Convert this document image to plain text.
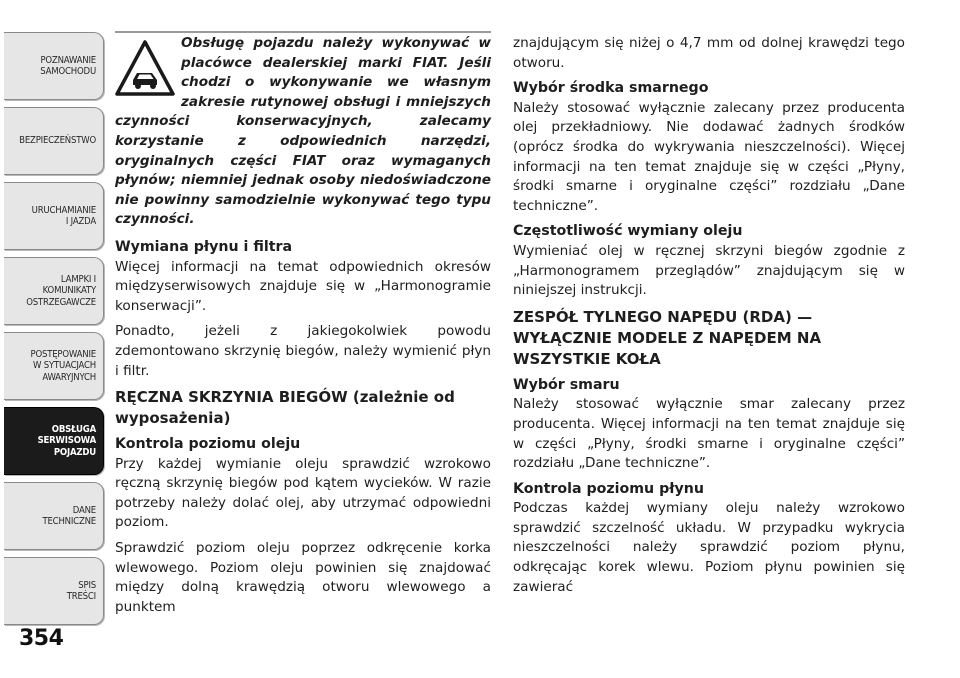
POZNAWANIE
SAMOCHODU
BEZPIECZEŃSTWO
URUCHAMIANIE
I JAZDA
LAMPKI I
KOMUNIKATY
OSTRZEGAWCZE
POSTĘPOWANIE
W SYTUACJACH
AWARYJNYCH
OBSŁUGA
SERWISOWA
POJAZDU
DANE
TECHNICZNE
SPIS
TREŚCI
354

Obsługę pojazdu należy wykonywać w placówce dealerskiej marki FIAT. Jeśli chodzi o wykonywanie we własnym zakresie rutynowej obsługi i mniejszych czynności konserwacyjnych, zalecamy korzystanie z odpowiednich narzędzi, oryginalnych części FIAT oraz wymaganych płynów; niemniej jednak osoby niedoświadczone nie powinny samodzielnie wykonywać tego typu czynności.

Wymiana płynu i filtra

Więcej informacji na temat odpowiednich okresów międzyserwisowych znajduje się w „Harmonogramie konserwacji”.

Ponadto, jeżeli z jakiegokolwiek powodu zdemontowano skrzynię biegów, należy wymienić płyn i filtr.

RĘCZNA SKRZYNIA BIEGÓW (zależnie od wyposażenia)
Kontrola poziomu oleju

Przy każdej wymianie oleju sprawdzić wzrokowo ręczną skrzynię biegów pod kątem wycieków. W razie potrzeby należy dolać olej, aby utrzymać odpowiedni poziom.

Sprawdzić poziom oleju poprzez odkręcenie korka wlewowego. Poziom oleju powinien się znajdować między dolną krawędzią otworu wlewowego a punktem

znajdującym się niżej o 4,7 mm od dolnej krawędzi tego otworu.

Wybór środka smarnego

Należy stosować wyłącznie zalecany przez producenta olej przekładniowy. Nie dodawać żadnych środków (oprócz środka do wykrywania nieszczelności). Więcej informacji na ten temat znajduje się w części „Płyny, środki smarne i oryginalne części” rozdziału „Dane techniczne”.

Częstotliwość wymiany oleju

Wymieniać olej w ręcznej skrzyni biegów zgodnie z „Harmonogramem przeglądów” znajdującym się w niniejszej instrukcji.

ZESPÓŁ TYLNEGO NAPĘDU (RDA) — WYŁĄCZNIE MODELE Z NAPĘDEM NA WSZYSTKIE KOŁA
Wybór smaru

Należy stosować wyłącznie smar zalecany przez producenta. Więcej informacji na ten temat znajduje się w części „Płyny, środki smarne i oryginalne części” rozdziału „Dane techniczne”.

Kontrola poziomu płynu

Podczas każdej wymiany oleju należy wzrokowo sprawdzić szczelność układu. W przypadku wykrycia nieszczelności należy sprawdzić poziom płynu, odkręcając korek wlewu. Poziom płynu powinien się zawierać
